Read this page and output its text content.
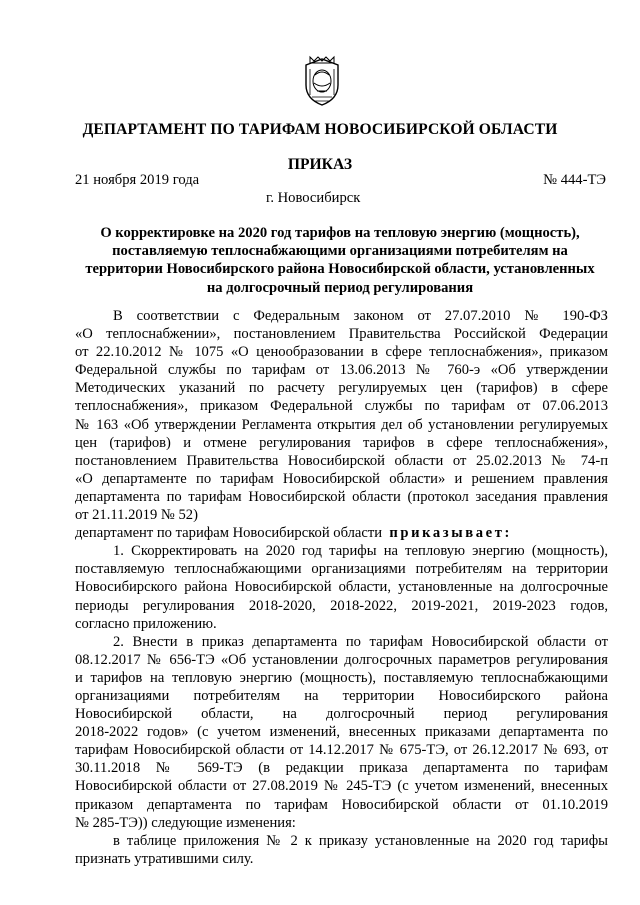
ДЕПАРТАМЕНТ ПО ТАРИФАМ НОВОСИБИРСКОЙ ОБЛАСТИ
ПРИКАЗ
21 ноября 2019 года	№ 444-ТЭ
г. Новосибирск
О корректировке на 2020 год тарифов на тепловую энергию (мощность),
поставляемую теплоснабжающими организациями потребителям на
территории Новосибирского района Новосибирской области, установленных
на долгосрочный период регулирования

В соответствии с Федеральным законом от 27.07.2010 № 190-ФЗ
«О теплоснабжении», постановлением Правительства Российской Федерации
от 22.10.2012 № 1075 «О ценообразовании в сфере теплоснабжения», приказом
Федеральной службы по тарифам от 13.06.2013 № 760-э «Об утверждении
Методических указаний по расчету регулируемых цен (тарифов) в сфере
теплоснабжения», приказом Федеральной службы по тарифам от 07.06.2013
№ 163 «Об утверждении Регламента открытия дел об установлении регулируемых
цен (тарифов) и отмене регулирования тарифов в сфере теплоснабжения»,
постановлением Правительства Новосибирской области от 25.02.2013 № 74-п
«О департаменте по тарифам Новосибирской области» и решением правления
департамента по тарифам Новосибирской области (протокол заседания правления
от 21.11.2019 № 52)
департамент по тарифам Новосибирской области приказывает:

1. Скорректировать на 2020 год тарифы на тепловую энергию (мощность),
поставляемую теплоснабжающими организациями потребителям на территории
Новосибирского района Новосибирской области, установленные на долгосрочные
периоды регулирования 2018-2020, 2018-2022, 2019-2021, 2019-2023 годов,
согласно приложению.

2. Внести в приказ департамента по тарифам Новосибирской области от
08.12.2017 № 656-ТЭ «Об установлении долгосрочных параметров регулирования
и тарифов на тепловую энергию (мощность), поставляемую теплоснабжающими
организациями потребителям на территории Новосибирского района
Новосибирской области, на долгосрочный период регулирования
2018-2022 годов» (с учетом изменений, внесенных приказами департамента по
тарифам Новосибирской области от 14.12.2017 № 675-ТЭ, от 26.12.2017 № 693, от
30.11.2018 № 569-ТЭ (в редакции приказа департамента по тарифам
Новосибирской области от 27.08.2019 № 245-ТЭ (с учетом изменений, внесенных
приказом департамента по тарифам Новосибирской области от 01.10.2019
№ 285-ТЭ)) следующие изменения:

в таблице приложения № 2 к приказу установленные на 2020 год тарифы
признать утратившими силу.
